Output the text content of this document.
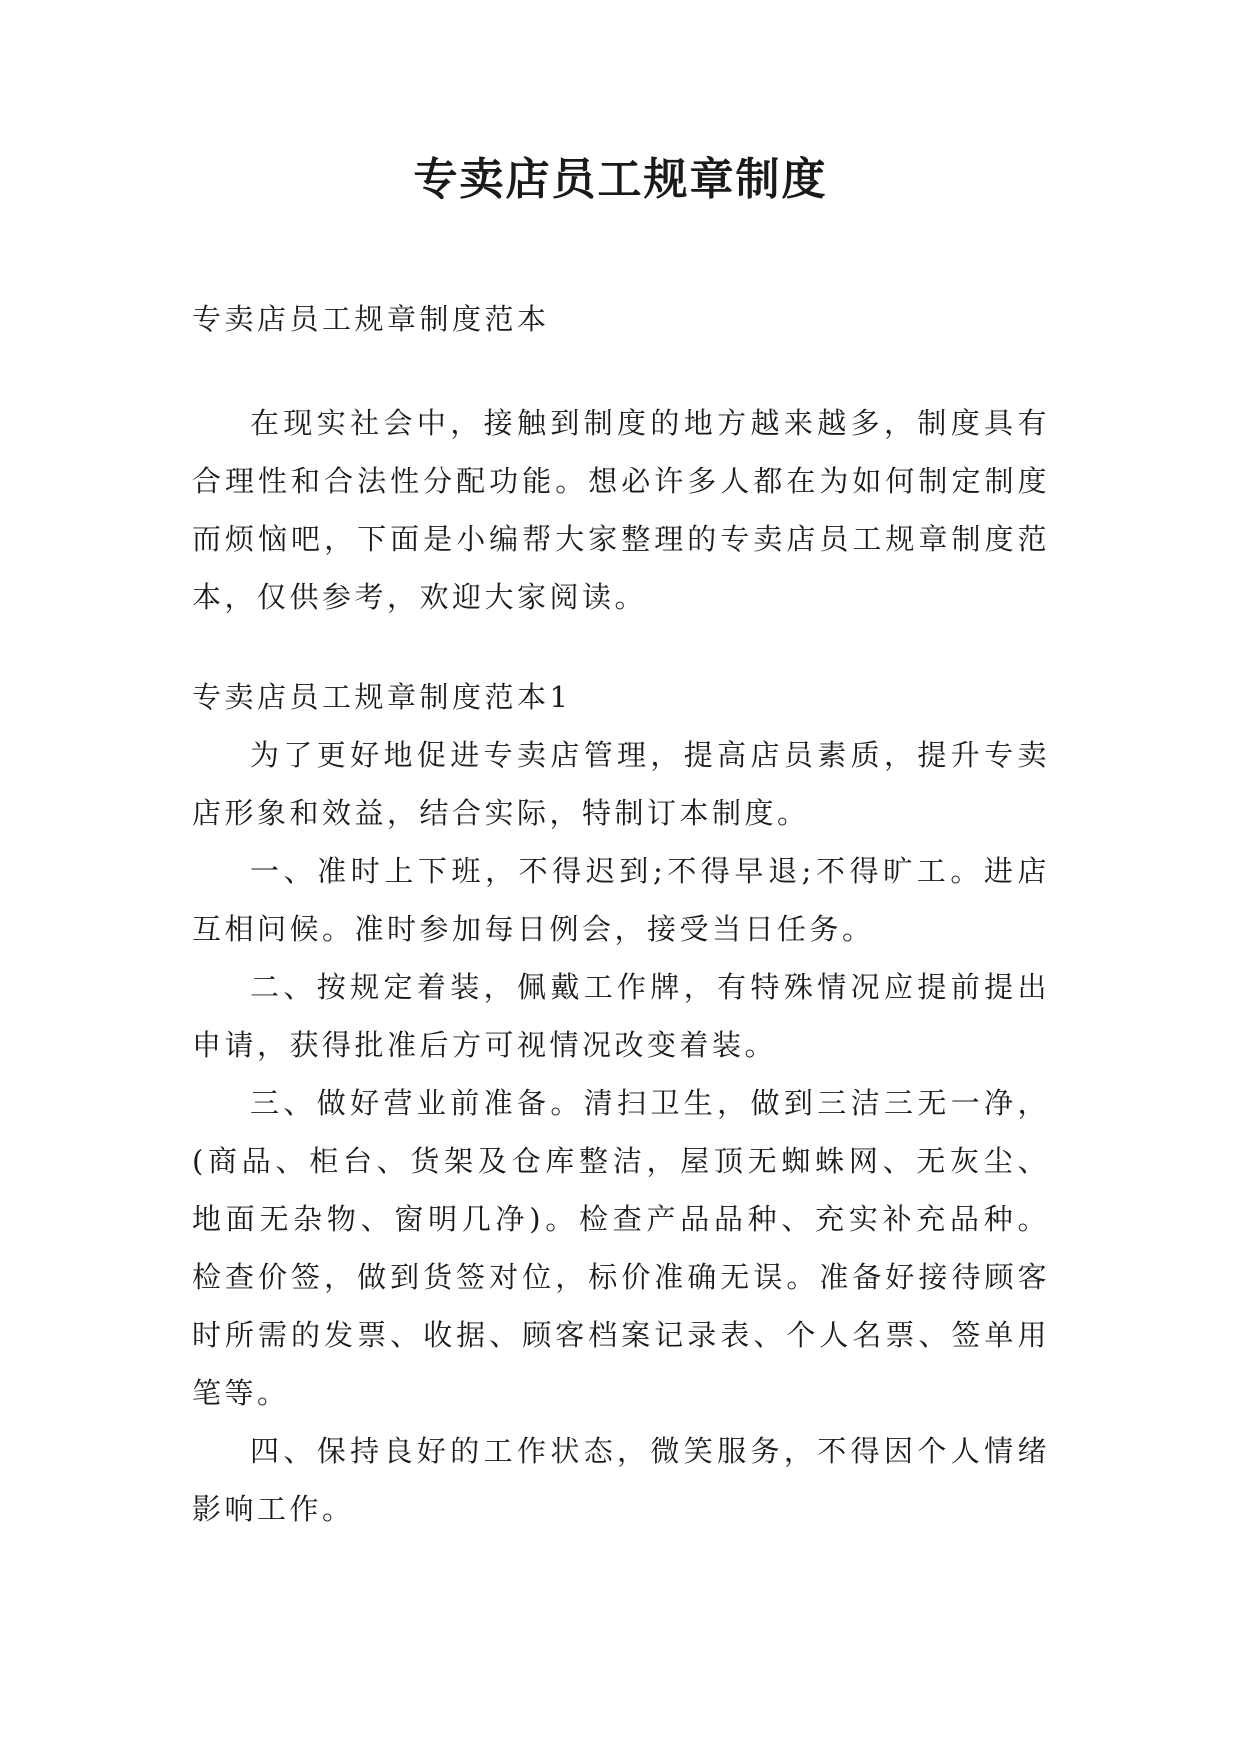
专卖店员工规章制度

专卖店员工规章制度范本

在现实社会中，接触到制度的地方越来越多，制度具有合理性和合法性分配功能。想必许多人都在为如何制定制度而烦恼吧，下面是小编帮大家整理的专卖店员工规章制度范本，仅供参考，欢迎大家阅读。

专卖店员工规章制度范本1

为了更好地促进专卖店管理，提高店员素质，提升专卖店形象和效益，结合实际，特制订本制度。

一、准时上下班，不得迟到;不得早退;不得旷工。进店互相问候。准时参加每日例会，接受当日任务。

二、按规定着装，佩戴工作牌，有特殊情况应提前提出申请，获得批准后方可视情况改变着装。

三、做好营业前准备。清扫卫生，做到三洁三无一净，(商品、柜台、货架及仓库整洁，屋顶无蜘蛛网、无灰尘、地面无杂物、窗明几净)。检查产品品种、充实补充品种。检查价签，做到货签对位，标价准确无误。准备好接待顾客时所需的发票、收据、顾客档案记录表、个人名票、签单用笔等。

四、保持良好的工作状态，微笑服务，不得因个人情绪影响工作。
